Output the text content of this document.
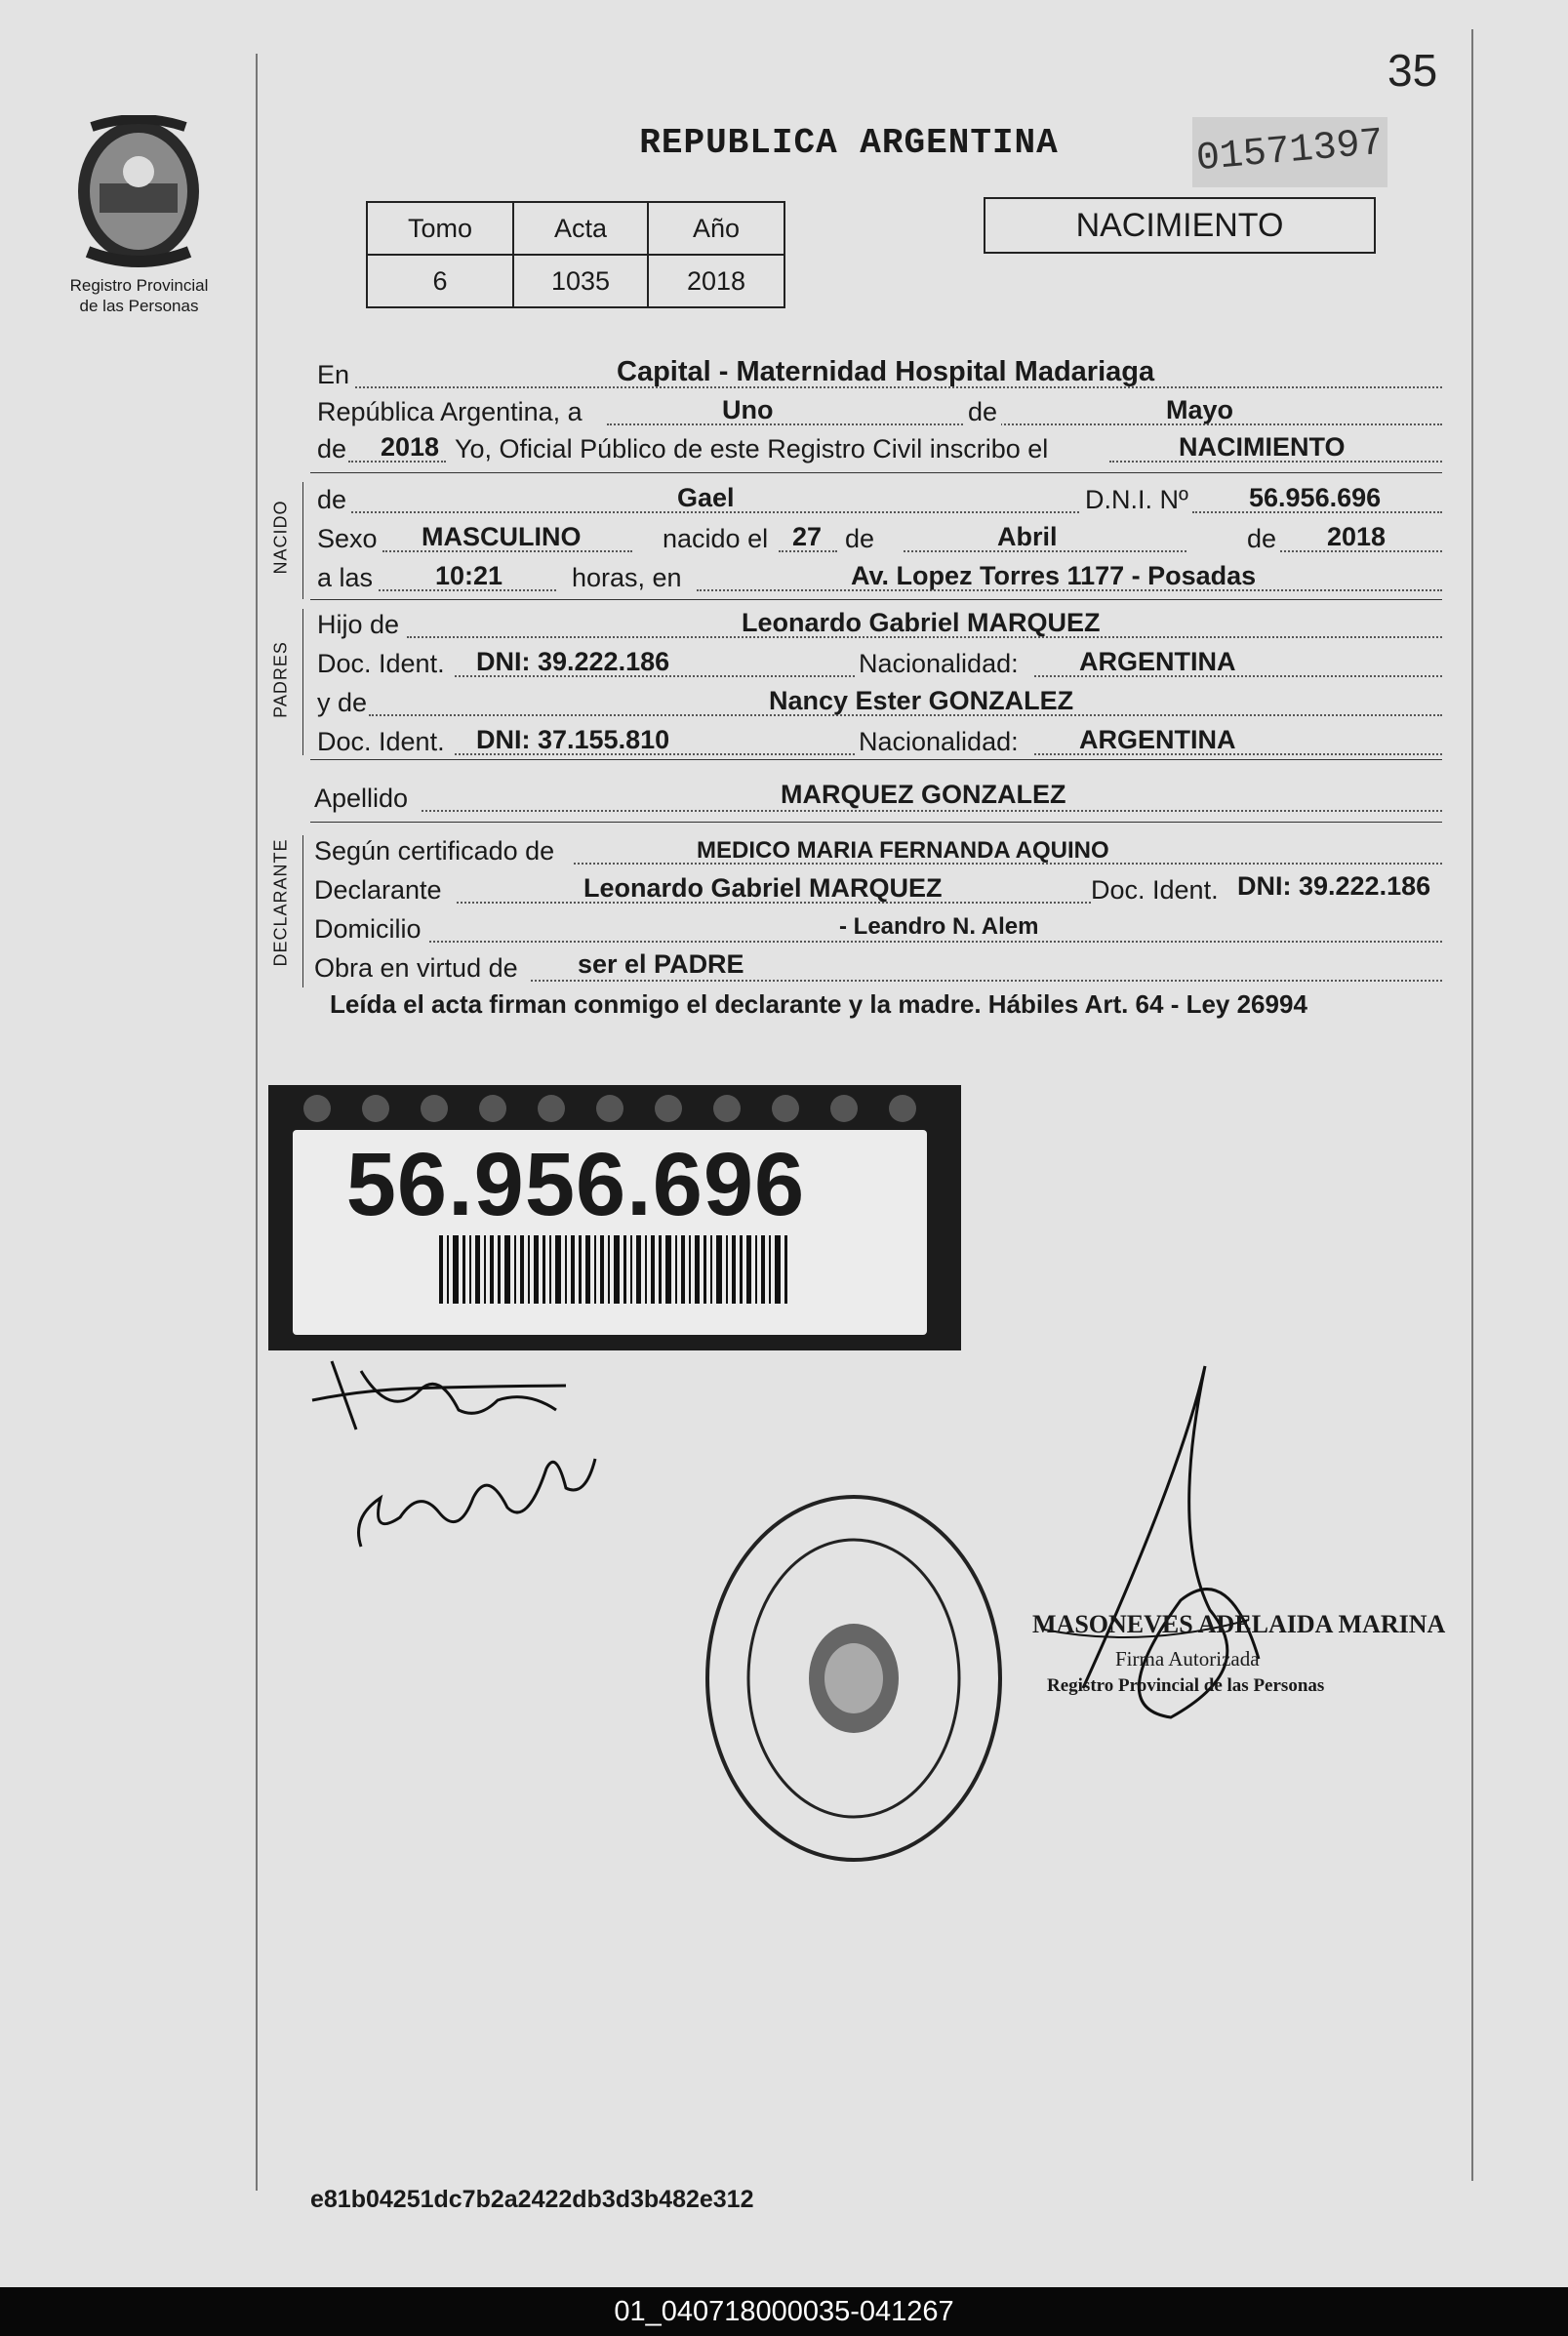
35
Registro Provincial
de las Personas
REPUBLICA ARGENTINA	01571397
Tomo	Acta	Año
6	1035	2018
NACIMIENTO
En	Capital - Maternidad Hospital Madariaga
República Argentina, a	Uno	de	Mayo
de 2018 Yo, Oficial Público de este Registro Civil inscribo el	NACIMIENTO
NACIDO
de	Gael	D.N.I. Nº 56.956.696
Sexo MASCULINO	nacido el 27 de	Abril	de 2018
a las 10:21	horas, en	Av. Lopez Torres 1177 - Posadas
PADRES
Hijo de	Leonardo Gabriel MARQUEZ
Doc. Ident. DNI: 39.222.186	Nacionalidad: ARGENTINA
y de	Nancy Ester GONZALEZ
Doc. Ident. DNI: 37.155.810	Nacionalidad: ARGENTINA
Apellido	MARQUEZ GONZALEZ
DECLARANTE Según certificado de	MEDICO MARIA FERNANDA AQUINO
Declarante	Leonardo Gabriel MARQUEZ	Doc. Ident. DNI: 39.222.186
Domicilio	- Leandro N. Alem
Obra en virtud de ser el PADRE
Leída el acta firman conmigo el declarante y la madre. Hábiles Art. 64 - Ley 26994
56.956.696
MASONEVES ADELAIDA MARINA
Firma Autorizada
Registro Provincial de las Personas
e81b04251dc7b2a2422db3d3b482e312
01_040718000035-041267
